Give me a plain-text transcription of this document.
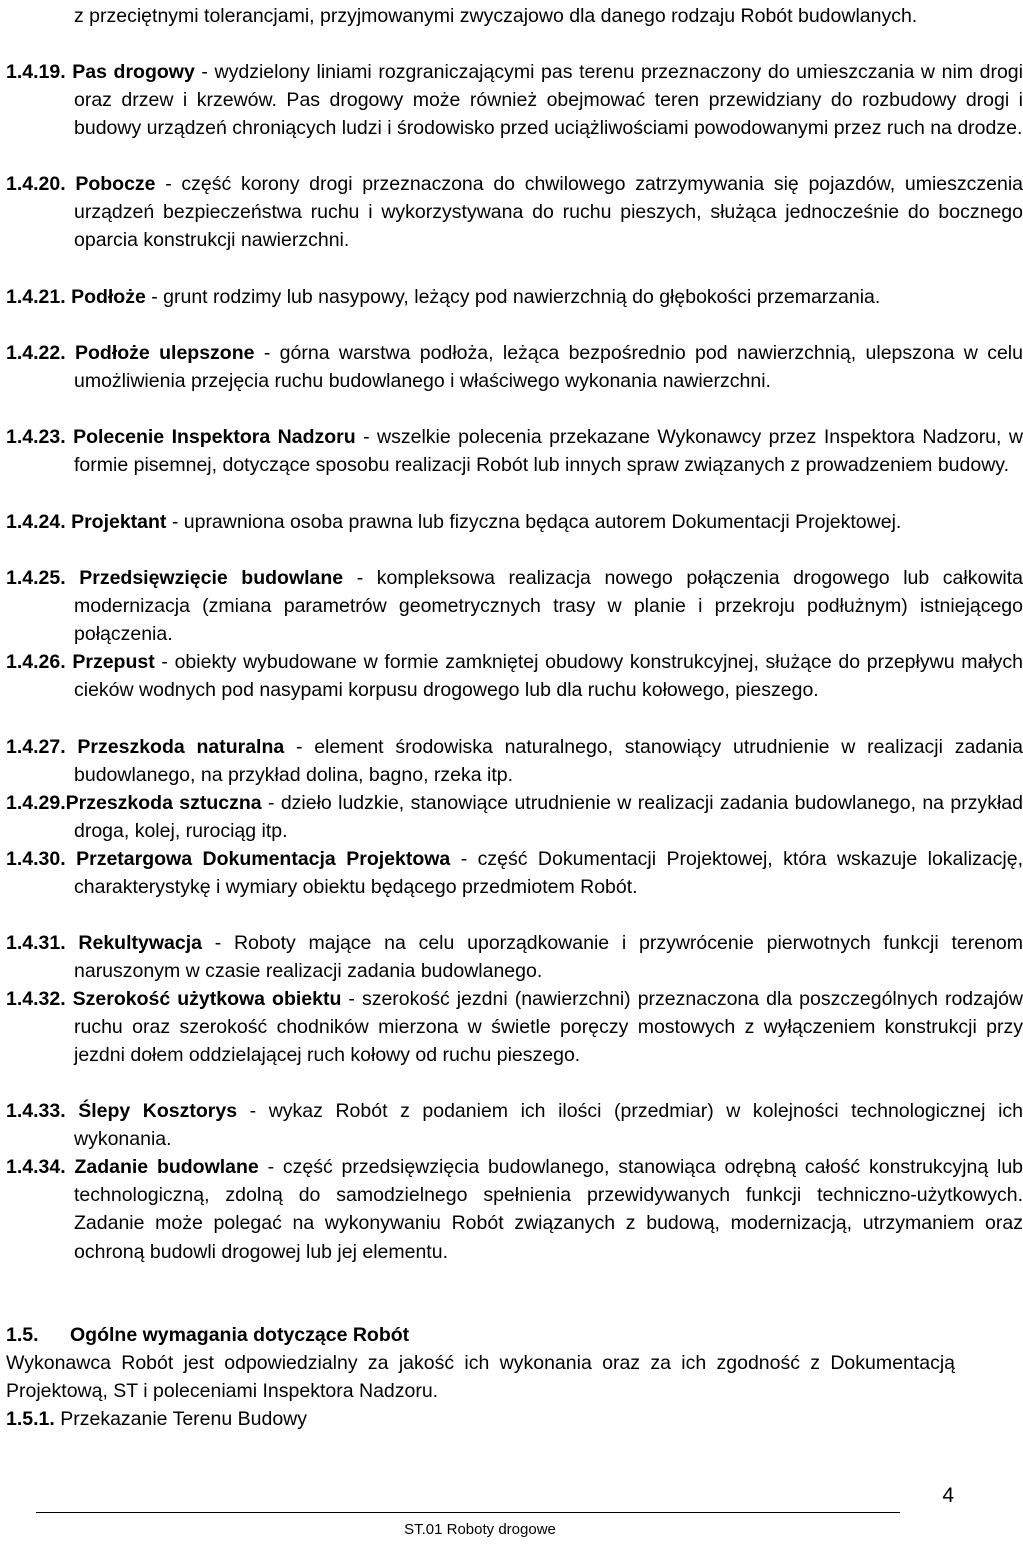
z przeciętnymi tolerancjami, przyjmowanymi zwyczajowo dla danego rodzaju Robót budowlanych.

1.4.19. Pas drogowy - wydzielony liniami rozgraniczającymi pas terenu przeznaczony do umieszczania w nim drogi oraz drzew i krzewów. Pas drogowy może również obejmować teren przewidziany do rozbudowy drogi i budowy urządzeń chroniących ludzi i środowisko przed uciążliwościami powodowanymi przez ruch na drodze.

1.4.20. Pobocze - część korony drogi przeznaczona do chwilowego zatrzymywania się pojazdów, umieszczenia urządzeń bezpieczeństwa ruchu i wykorzystywana do ruchu pieszych, służąca jednocześnie do bocznego oparcia konstrukcji nawierzchni.

1.4.21. Podłoże - grunt rodzimy lub nasypowy, leżący pod nawierzchnią do głębokości przemarzania.

1.4.22. Podłoże ulepszone - górna warstwa podłoża, leżąca bezpośrednio pod nawierzchnią, ulepszona w celu umożliwienia przejęcia ruchu budowlanego i właściwego wykonania nawierzchni.

1.4.23. Polecenie Inspektora Nadzoru - wszelkie polecenia przekazane Wykonawcy przez Inspektora Nadzoru, w formie pisemnej, dotyczące sposobu realizacji Robót lub innych spraw związanych z prowadzeniem budowy.

1.4.24. Projektant - uprawniona osoba prawna lub fizyczna będąca autorem Dokumentacji Projektowej.

1.4.25. Przedsięwzięcie budowlane - kompleksowa realizacja nowego połączenia drogowego lub całkowita modernizacja (zmiana parametrów geometrycznych trasy w planie i przekroju podłużnym) istniejącego połączenia.

1.4.26. Przepust - obiekty wybudowane w formie zamkniętej obudowy konstrukcyjnej, służące do przepływu małych cieków wodnych pod nasypami korpusu drogowego lub dla ruchu kołowego, pieszego.

1.4.27. Przeszkoda naturalna - element środowiska naturalnego, stanowiący utrudnienie w realizacji zadania budowlanego, na przykład dolina, bagno, rzeka itp.

1.4.29.Przeszkoda sztuczna - dzieło ludzkie, stanowiące utrudnienie w realizacji zadania budowlanego, na przykład droga, kolej, rurociąg itp.

1.4.30. Przetargowa Dokumentacja Projektowa - część Dokumentacji Projektowej, która wskazuje lokalizację, charakterystykę i wymiary obiektu będącego przedmiotem Robót.

1.4.31. Rekultywacja - Roboty mające na celu uporządkowanie i przywrócenie pierwotnych funkcji terenom naruszonym w czasie realizacji zadania budowlanego.

1.4.32. Szerokość użytkowa obiektu - szerokość jezdni (nawierzchni) przeznaczona dla poszczególnych rodzajów ruchu oraz szerokość chodników mierzona w świetle poręczy mostowych z wyłączeniem konstrukcji przy jezdni dołem oddzielającej ruch kołowy od ruchu pieszego.

1.4.33. Ślepy Kosztorys - wykaz Robót z podaniem ich ilości (przedmiar) w kolejności technologicznej ich wykonania.

1.4.34. Zadanie budowlane - część przedsięwzięcia budowlanego, stanowiąca odrębną całość konstrukcyjną lub technologiczną, zdolną do samodzielnego spełnienia przewidywanych funkcji techniczno-użytkowych. Zadanie może polegać na wykonywaniu Robót związanych z budową, modernizacją, utrzymaniem oraz ochroną budowli drogowej lub jej elementu.

1.5. Ogólne wymagania dotyczące Robót

Wykonawca Robót jest odpowiedzialny za jakość ich wykonania oraz za ich zgodność z Dokumentacją Projektową, ST i poleceniami Inspektora Nadzoru.

1.5.1. Przekazanie Terenu Budowy
4
ST.01 Roboty drogowe
